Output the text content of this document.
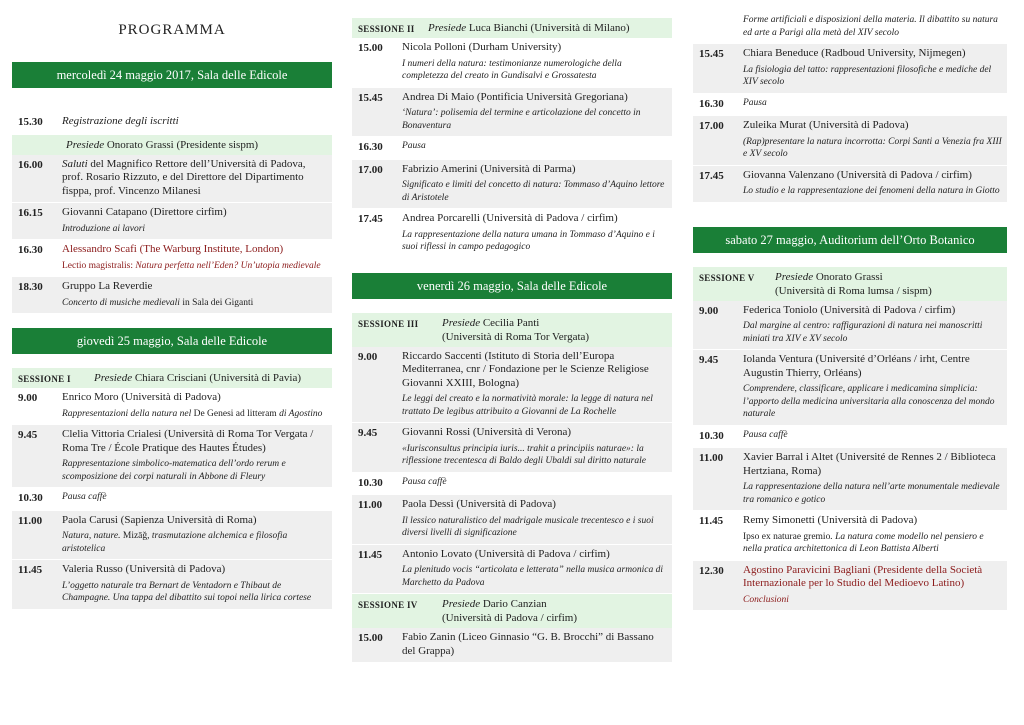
PROGRAMMA
mercoledì 24 maggio 2017, Sala delle Edicole
15.30	Registrazione degli iscritti
Presiede Onorato Grassi (Presidente sispm)
16.00	Saluti del Magnifico Rettore dell’Università di Padova, prof. Rosario Rizzuto, e del Direttore del Dipartimento fisppa, prof. Vincenzo Milanesi
16.15	Giovanni Catapano (Direttore cirfim)
Introduzione ai lavori
16.30	Alessandro Scafi (The Warburg Institute, London)
Lectio magistralis: Natura perfetta nell’Eden? Un’utopia medievale
18.30	Gruppo La Reverdie
Concerto di musiche medievali in Sala dei Giganti
giovedì 25 maggio, Sala delle Edicole
SESSIONE I Presiede Chiara Crisciani (Università di Pavia)
9.00	Enrico Moro (Università di Padova)
Rappresentazioni della natura nel De Genesi ad litteram di Agostino
9.45	Clelia Vittoria Crialesi (Università di Roma Tor Vergata / Roma Tre / École Pratique des Hautes Études)
Rappresentazione simbolico-matematica dell’ordo rerum e scomposizione dei corpi naturali in Abbone di Fleury
10.30	Pausa caffè
11.00	Paola Carusi (Sapienza Università di Roma)
Natura, nature. Mizāğ, trasmutazione alchemica e filosofia aristotelica
11.45	Valeria Russo (Università di Padova)
L’oggetto naturale tra Bernart de Ventadorn e Thibaut de Champagne. Una tappa del dibattito sui topoi nella lirica cortese
SESSIONE II Presiede Luca Bianchi (Università di Milano)
15.00	Nicola Polloni (Durham University)
I numeri della natura: testimonianze numerologiche della completezza del creato in Gundisalvi e Grossatesta
15.45	Andrea Di Maio (Pontificia Università Gregoriana)
‘Natura’: polisemia del termine e articolazione del concetto in Bonaventura
16.30	Pausa
17.00	Fabrizio Amerini (Università di Parma)
Significato e limiti del concetto di natura: Tommaso d’Aquino lettore di Aristotele
17.45	Andrea Porcarelli (Università di Padova / cirfim)
La rappresentazione della natura umana in Tommaso d’Aquino e i suoi riflessi in campo pedagogico
venerdì 26 maggio, Sala delle Edicole
SESSIONE III Presiede Cecilia Panti
(Università di Roma Tor Vergata)
9.00	Riccardo Saccenti (Istituto di Storia dell’Europa Mediterranea, cnr / Fondazione per le Scienze Religiose Giovanni XXIII, Bologna)
Le leggi del creato e la normatività morale: la legge di natura nel trattato De legibus attribuito a Giovanni de La Rochelle
9.45	Giovanni Rossi (Università di Verona)
«Iurisconsultus principia iuris... trahit a principiis naturae»: la riflessione trecentesca di Baldo degli Ubaldi sul diritto naturale
10.30	Pausa caffè
11.00	Paola Dessì (Università di Padova)
Il lessico naturalistico del madrigale musicale trecentesco e i suoi diversi livelli di significazione
11.45	Antonio Lovato (Università di Padova / cirfim)
La plenitudo vocis “articolata e letterata” nella musica armonica di Marchetto da Padova
SESSIONE IV Presiede Dario Canzian
(Università di Padova / cirfim)
15.00	Fabio Zanin (Liceo Ginnasio “G. B. Brocchi” di Bassano del Grappa)
Forme artificiali e disposizioni della materia. Il dibattito su natura ed arte a Parigi alla metà del XIV secolo
15.45	Chiara Beneduce (Radboud University, Nijmegen)
La fisiologia del tatto: rappresentazioni filosofiche e mediche del XIV secolo
16.30	Pausa
17.00	Zuleika Murat (Università di Padova)
(Rap)presentare la natura incorrotta: Corpi Santi a Venezia fra XIII e XV secolo
17.45	Giovanna Valenzano (Università di Padova / cirfim)
Lo studio e la rappresentazione dei fenomeni della natura in Giotto
sabato 27 maggio, Auditorium dell’Orto Botanico
SESSIONE V Presiede Onorato Grassi
(Università di Roma lumsa / sispm)
9.00	Federica Toniolo (Università di Padova / cirfim)
Dal margine al centro: raffigurazioni di natura nei manoscritti miniati tra XIV e XV secolo
9.45	Iolanda Ventura (Université d’Orléans / irht, Centre Augustin Thierry, Orléans)
Comprendere, classificare, applicare i medicamina simplicia: l’apporto della medicina universitaria alla conoscenza del mondo naturale
10.30	Pausa caffè
11.00	Xavier Barral i Altet (Université de Rennes 2 / Biblioteca Hertziana, Roma)
La rappresentazione della natura nell’arte monumentale medievale tra romanico e gotico
11.45	Remy Simonetti (Università di Padova)
Ipso ex naturae gremio. La natura come modello nel pensiero e nella pratica architettonica di Leon Battista Alberti
12.30	Agostino Paravicini Bagliani (Presidente della Società Internazionale per lo Studio del Medioevo Latino)
Conclusioni
